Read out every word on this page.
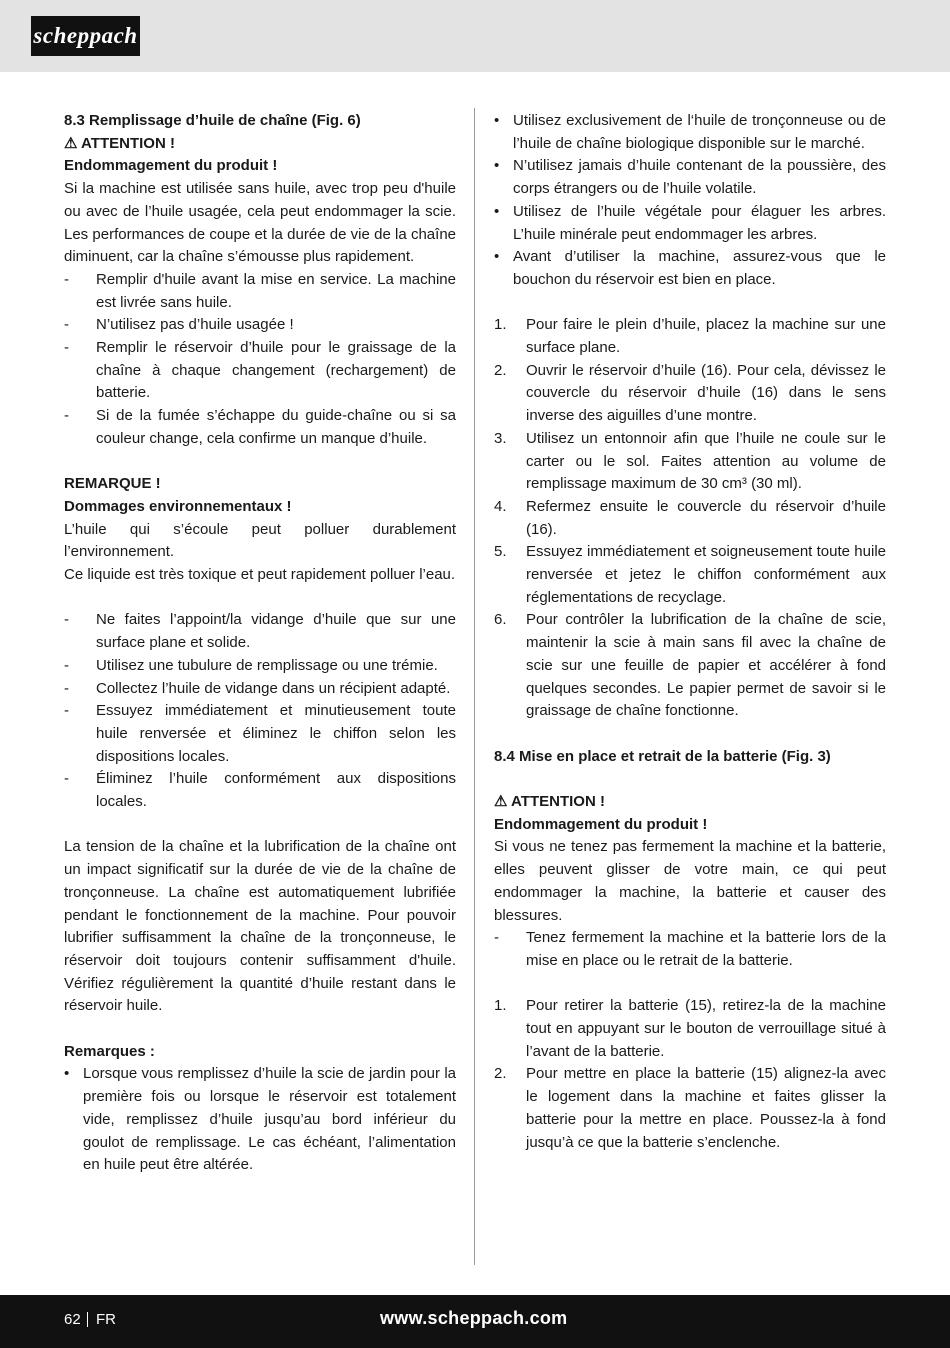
scheppach

8.3 Remplissage d’huile de chaîne (Fig. 6)

⚠ ATTENTION !

Endommagement du produit !

Si la machine est utilisée sans huile, avec trop peu d'huile ou avec de l’huile usagée, cela peut endommager la scie. Les performances de coupe et la durée de vie de la chaîne diminuent, car la chaîne s’émousse plus rapidement.

-	Remplir d'huile avant la mise en service. La machine est livrée sans huile.
-	N’utilisez pas d’huile usagée !
-	Remplir le réservoir d’huile pour le graissage de la chaîne à chaque changement (rechargement) de batterie.
-	Si de la fumée s’échappe du guide-chaîne ou si sa couleur change, cela confirme un manque d’huile.

REMARQUE !

Dommages environnementaux !

L’huile qui s’écoule peut polluer durablement l’environnement.

Ce liquide est très toxique et peut rapidement polluer l’eau.

-	Ne faites l’appoint/la vidange d’huile que sur une surface plane et solide.
-	Utilisez une tubulure de remplissage ou une trémie.
-	Collectez l’huile de vidange dans un récipient adapté.
-	Essuyez immédiatement et minutieusement toute huile renversée et éliminez le chiffon selon les dispositions locales.
-	Éliminez l’huile conformément aux dispositions locales.

La tension de la chaîne et la lubrification de la chaîne ont un impact significatif sur la durée de vie de la chaîne de tronçonneuse. La chaîne est automatiquement lubrifiée pendant le fonctionnement de la machine. Pour pouvoir lubrifier suffisamment la chaîne de la tronçonneuse, le réservoir doit toujours contenir suffisamment d'huile. Vérifiez régulièrement la quantité d’huile restant dans le réservoir huile.

Remarques :

• Lorsque vous remplissez d’huile la scie de jardin pour la première fois ou lorsque le réservoir est totalement vide, remplissez d’huile jusqu’au bord inférieur du goulot de remplissage. Le cas échéant, l’alimentation en huile peut être altérée.
• Utilisez exclusivement de l‘huile de tronçonneuse ou de l’huile de chaîne biologique disponible sur le marché.
• N’utilisez jamais d’huile contenant de la poussière, des corps étrangers ou de l’huile volatile.
• Utilisez de l’huile végétale pour élaguer les arbres. L’huile minérale peut endommager les arbres.
• Avant d’utiliser la machine, assurez-vous que le bouchon du réservoir est bien en place.
1.	Pour faire le plein d’huile, placez la machine sur une surface plane.
2.	Ouvrir le réservoir d’huile (16). Pour cela, dévissez le couvercle du réservoir d’huile (16) dans le sens inverse des aiguilles d’une montre.
3.	Utilisez un entonnoir afin que l’huile ne coule sur le carter ou le sol. Faites attention au volume de remplissage maximum de 30 cm³ (30 ml).
4.	Refermez ensuite le couvercle du réservoir d’huile (16).
5.	Essuyez immédiatement et soigneusement toute huile renversée et jetez le chiffon conformément aux réglementations de recyclage.
6.	Pour contrôler la lubrification de la chaîne de scie, maintenir la scie à main sans fil avec la chaîne de scie sur une feuille de papier et accélérer à fond quelques secondes. Le papier permet de savoir si le graissage de chaîne fonctionne.

8.4 Mise en place et retrait de la batterie (Fig. 3)

⚠ ATTENTION !

Endommagement du produit !

Si vous ne tenez pas fermement la machine et la batterie, elles peuvent glisser de votre main, ce qui peut endommager la machine, la batterie et causer des blessures.

-	Tenez fermement la machine et la batterie lors de la mise en place ou le retrait de la batterie.
1.	Pour retirer la batterie (15), retirez-la de la machine tout en appuyant sur le bouton de verrouillage situé à l’avant de la batterie.
2.	Pour mettre en place la batterie (15) alignez-la avec le logement dans la machine et faites glisser la batterie pour la mettre en place. Poussez-la à fond jusqu’à ce que la batterie s’enclenche.
62 FR	www.scheppach.com
